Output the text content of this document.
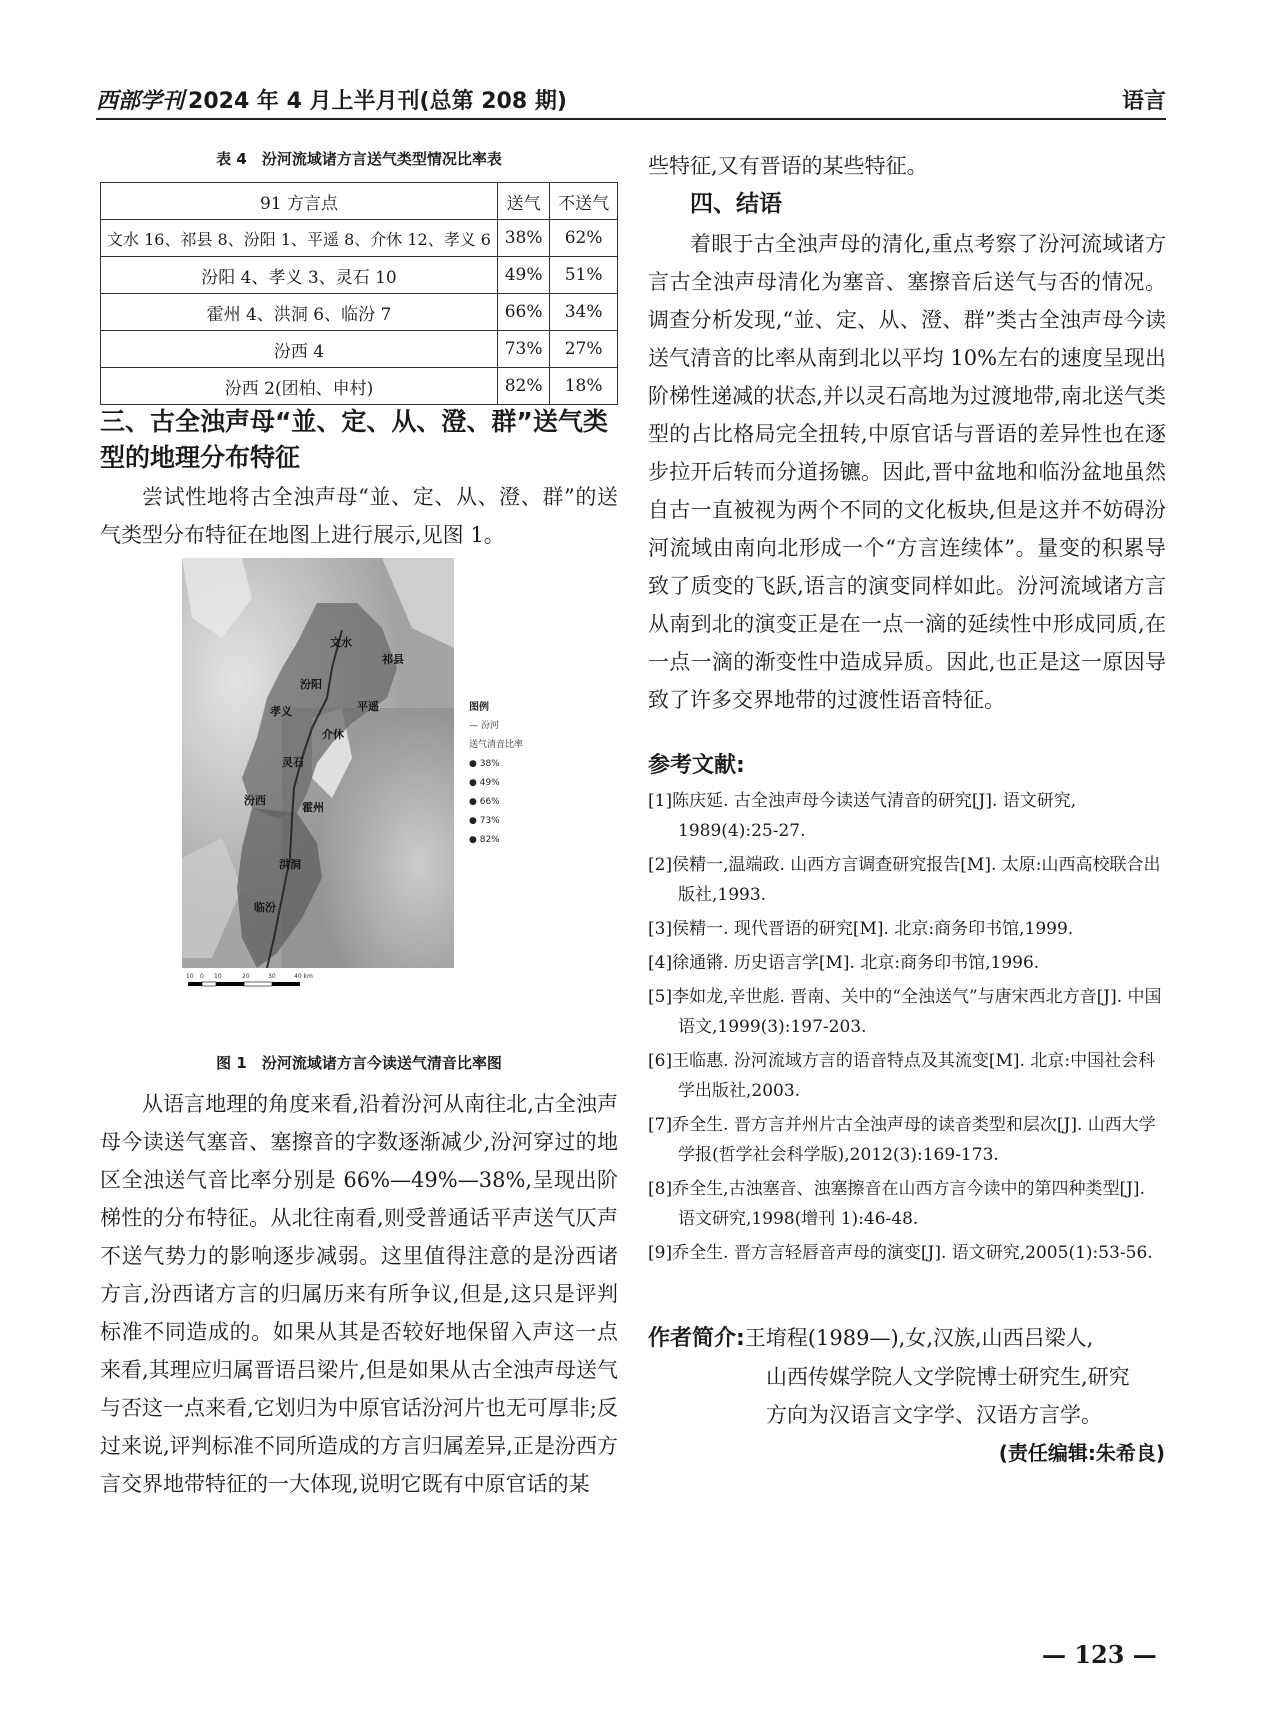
西部学刊 2024 年 4 月上半月刊(总第 208 期)	语言
表 4　汾河流域诸方言送气类型情况比率表
91 方言点	送气	不送气
文水 16、祁县 8、汾阳 1、平遥 8、介休 12、孝义 6	38%	62%
汾阳 4、孝义 3、灵石 10	49%	51%
霍州 4、洪洞 6、临汾 7	66%	34%
汾西 4	73%	27%
汾西 2(团柏、申村)	82%	18%
三、古全浊声母“並、定、从、澄、群”送气类
型的地理分布特征

尝试性地将古全浊声母“並、定、从、澄、群”的送气类型分布特征在地图上进行展示,见图 1。

10 0 10	20	30	40 km
文水
祁县
汾阳
孝义	平遥
介休
灵石
汾西
霍州
洪洞
临汾
图例
— 汾河
送气清音比率
● 38%
● 49%
● 66%
● 73%
● 82%
图 1　汾河流域诸方言今读送气清音比率图

从语言地理的角度来看,沿着汾河从南往北,古全浊声母今读送气塞音、塞擦音的字数逐渐减少,汾河穿过的地区全浊送气音比率分别是 66%—49%—38%,呈现出阶梯性的分布特征。从北往南看,则受普通话平声送气仄声不送气势力的影响逐步减弱。这里值得注意的是汾西诸方言,汾西诸方言的归属历来有所争议,但是,这只是评判标准不同造成的。如果从其是否较好地保留入声这一点来看,其理应归属晋语吕梁片,但是如果从古全浊声母送气与否这一点来看,它划归为中原官话汾河片也无可厚非;反过来说,评判标准不同所造成的方言归属差异,正是汾西方言交界地带特征的一大体现,说明它既有中原官话的某

些特征,又有晋语的某些特征。

四、结语

着眼于古全浊声母的清化,重点考察了汾河流域诸方言古全浊声母清化为塞音、塞擦音后送气与否的情况。调查分析发现,“並、定、从、澄、群”类古全浊声母今读送气清音的比率从南到北以平均 10%左右的速度呈现出阶梯性递减的状态,并以灵石高地为过渡地带,南北送气类型的占比格局完全扭转,中原官话与晋语的差异性也在逐步拉开后转而分道扬镳。因此,晋中盆地和临汾盆地虽然自古一直被视为两个不同的文化板块,但是这并不妨碍汾河流域由南向北形成一个“方言连续体”。量变的积累导致了质变的飞跃,语言的演变同样如此。汾河流域诸方言从南到北的演变正是在一点一滴的延续性中形成同质,在一点一滴的渐变性中造成异质。因此,也正是这一原因导致了许多交界地带的过渡性语音特征。

参考文献:

[1]陈庆延. 古全浊声母今读送气清音的研究[J]. 语文研究, 1989(4):25-27.

[2]侯精一,温端政. 山西方言调查研究报告[M]. 太原:山西高校联合出版社,1993.

[3]侯精一. 现代晋语的研究[M]. 北京:商务印书馆,1999.

[4]徐通锵. 历史语言学[M]. 北京:商务印书馆,1996.

[5]李如龙,辛世彪. 晋南、关中的“全浊送气”与唐宋西北方音[J]. 中国语文,1999(3):197-203.

[6]王临惠. 汾河流域方言的语音特点及其流变[M]. 北京:中国社会科学出版社,2003.

[7]乔全生. 晋方言并州片古全浊声母的读音类型和层次[J]. 山西大学学报(哲学社会科学版),2012(3):169-173.

[8]乔全生,古浊塞音、浊塞擦音在山西方言今读中的第四种类型[J]. 语文研究,1998(增刊 1):46-48.

[9]乔全生. 晋方言轻唇音声母的演变[J]. 语文研究,2005(1):53-56.

作者简介:王堉程(1989—),女,汉族,山西吕梁人,
山西传媒学院人文学院博士研究生,研究
方向为汉语言文字学、汉语方言学。
(责任编辑:朱希良)
— 123 —
